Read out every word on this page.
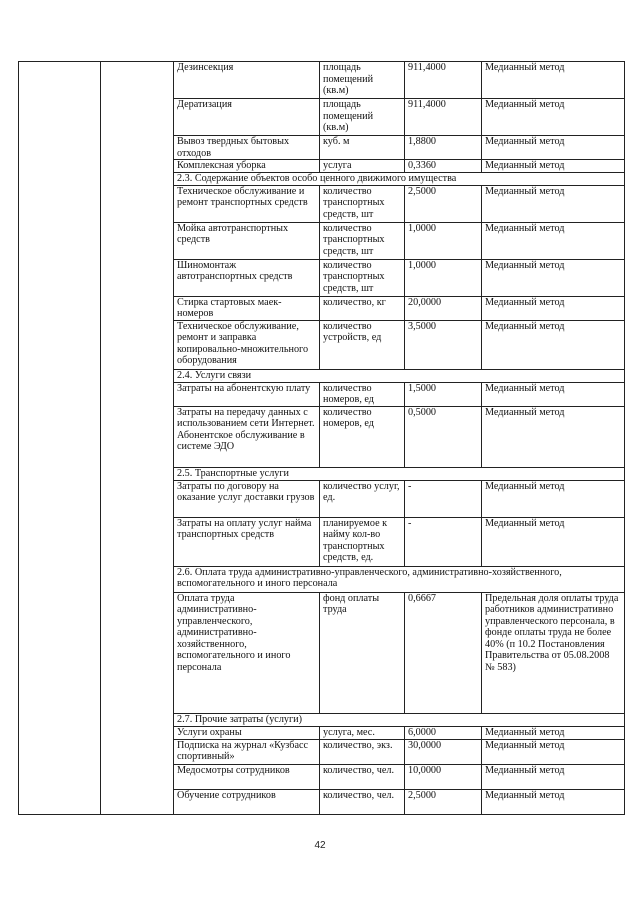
		Дезинсекция	площадь помещений (кв.м)	911,4000	Медианный метод
		Дератизация	площадь помещений (кв.м)	911,4000	Медианный метод
		Вывоз твердных бытовых отходов	куб. м	1,8800	Медианный метод
		Комплексная уборка	услуга	0,3360	Медианный метод
		2.3. Содержание объектов особо ценного движимого имущества			
		Техническое обслуживание и ремонт транспортных средств	количество транспортных средств, шт	2,5000	Медианный метод
		Мойка автотранспортных средств	количество транспортных средств, шт	1,0000	Медианный метод
		Шиномонтаж автотранспортных средств	количество транспортных средств, шт	1,0000	Медианный метод
		Стирка стартовых маек-номеров	количество, кг	20,0000	Медианный метод
		Техническое обслуживание, ремонт и заправка копировально-множительного оборудования	количество устройств, ед	3,5000	Медианный метод
		2.4. Услуги связи			
		Затраты на абонентскую плату	количество номеров, ед	1,5000	Медианный метод
		Затраты на передачу данных с использованием сети Интернет. Абонентское обслуживание в системе ЭДО	количество номеров, ед	0,5000	Медианный метод
		2.5. Транспортные услуги			
		Затраты по договору на оказание услуг доставки грузов	количество услуг, ед.	-	Медианный метод
		Затраты на оплату услуг найма транспортных средств	планируемое к найму кол-во транспортных средств, ед.	-	Медианный метод
		2.6. Оплата труда административно-управленческого, административно-хозяйственного, вспомогательного и иного персонала			
		Оплата труда административно-управленческого, административно-хозяйственного, вспомогательного и иного персонала	фонд оплаты труда	0,6667	Предельная доля оплаты труда работников административно управленческого персонала, в фонде оплаты труда не более 40% (п 10.2 Постановления Правительства от 05.08.2008 № 583)
		2.7. Прочие затраты (услуги)			
		Услуги охраны	услуга, мес.	6,0000	Медианный метод
		Подписка на журнал «Кузбасс спортивный»	количество, экз.	30,0000	Медианный метод
		Медосмотры сотрудников	количество, чел.	10,0000	Медианный метод
		Обучение сотрудников	количество, чел.	2,5000	Медианный метод
42
